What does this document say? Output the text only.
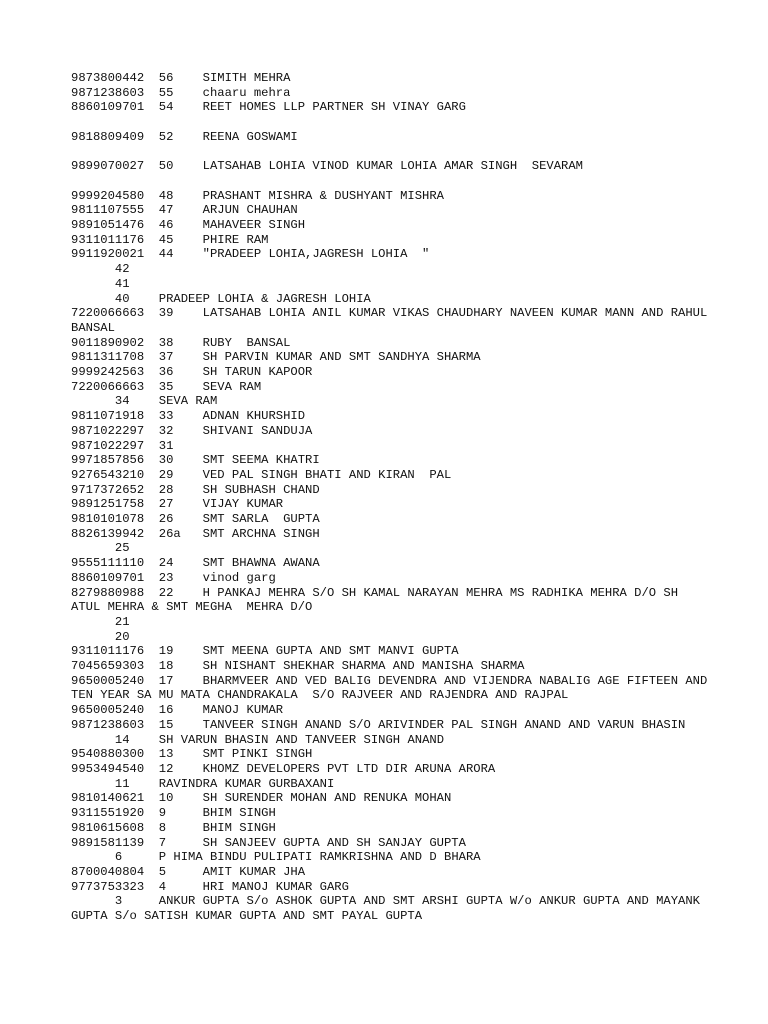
9873800442  56    SIMITH MEHRA
9871238603  55    chaaru mehra
8860109701  54    REET HOMES LLP PARTNER SH VINAY GARG
9818809409  52    REENA GOSWAMI
9899070027  50    LATSAHAB LOHIA VINOD KUMAR LOHIA AMAR SINGH  SEVARAM
9999204580  48    PRASHANT MISHRA & DUSHYANT MISHRA
9811107555  47    ARJUN CHAUHAN
9891051476  46    MAHAVEER SINGH
9311011176  45    PHIRE RAM
9911920021  44    "PRADEEP LOHIA,JAGRESH LOHIA  "
42
41
40    PRADEEP LOHIA & JAGRESH LOHIA
7220066663  39    LATSAHAB LOHIA ANIL KUMAR VIKAS CHAUDHARY NAVEEN KUMAR MANN AND RAHUL  BANSAL
9011890902  38    RUBY  BANSAL
9811311708  37    SH PARVIN KUMAR AND SMT SANDHYA SHARMA
9999242563  36    SH TARUN KAPOOR
7220066663  35    SEVA RAM
34    SEVA RAM
9811071918  33    ADNAN KHURSHID
9871022297  32    SHIVANI SANDUJA
9871022297  31
9971857856  30    SMT SEEMA KHATRI
9276543210  29    VED PAL SINGH BHATI AND KIRAN  PAL
9717372652  28    SH SUBHASH CHAND
9891251758  27    VIJAY KUMAR
9810101078  26    SMT SARLA  GUPTA
8826139942  26a   SMT ARCHNA SINGH
25
9555111110  24    SMT BHAWNA AWANA
8860109701  23    vinod garg
8279880988  22    H PANKAJ MEHRA S/O SH KAMAL NARAYAN MEHRA MS RADHIKA MEHRA D/O SH ATUL MEHRA & SMT MEGHA  MEHRA D/O
21
20
9311011176  19    SMT MEENA GUPTA AND SMT MANVI GUPTA
7045659303  18    SH NISHANT SHEKHAR SHARMA AND MANISHA SHARMA
9650005240  17    BHARMVEER AND VED BALIG DEVENDRA AND VIJENDRA NABALIG AGE FIFTEEN AND TEN YEAR SA MU MATA CHANDRAKALA  S/O RAJVEER AND RAJENDRA AND RAJPAL
9650005240  16    MANOJ KUMAR
9871238603  15    TANVEER SINGH ANAND S/O ARIVINDER PAL SINGH ANAND AND VARUN BHASIN
14    SH VARUN BHASIN AND TANVEER SINGH ANAND
9540880300  13    SMT PINKI SINGH
9953494540  12    KHOMZ DEVELOPERS PVT LTD DIR ARUNA ARORA
11    RAVINDRA KUMAR GURBAXANI
9810140621  10    SH SURENDER MOHAN AND RENUKA MOHAN
9311551920  9     BHIM SINGH
9810615608  8     BHIM SINGH
9891581139  7     SH SANJEEV GUPTA AND SH SANJAY GUPTA
6     P HIMA BINDU PULIPATI RAMKRISHNA AND D BHARA
8700040804  5     AMIT KUMAR JHA
9773753323  4     HRI MANOJ KUMAR GARG
3     ANKUR GUPTA S/o ASHOK GUPTA AND SMT ARSHI GUPTA W/o ANKUR GUPTA AND MAYANK GUPTA S/o SATISH KUMAR GUPTA AND SMT PAYAL GUPTA
